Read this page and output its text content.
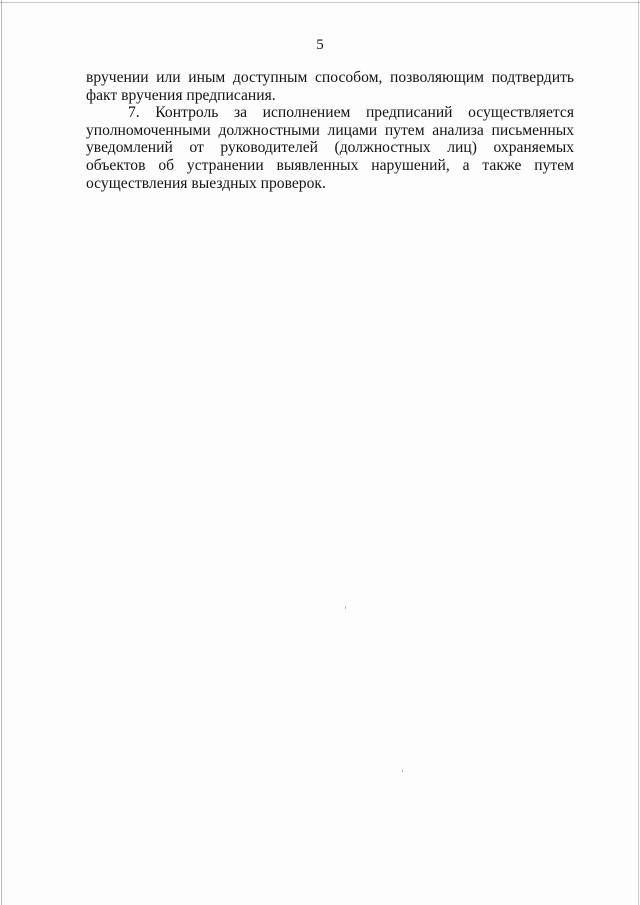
5

вручении или иным доступным способом, позволяющим подтвердить факт вручения предписания.

7. Контроль за исполнением предписаний осуществляется уполномоченными должностными лицами путем анализа письменных уведомлений от руководителей (должностных лиц) охраняемых объектов об устранении выявленных нарушений, а также путем осуществления выездных проверок.
